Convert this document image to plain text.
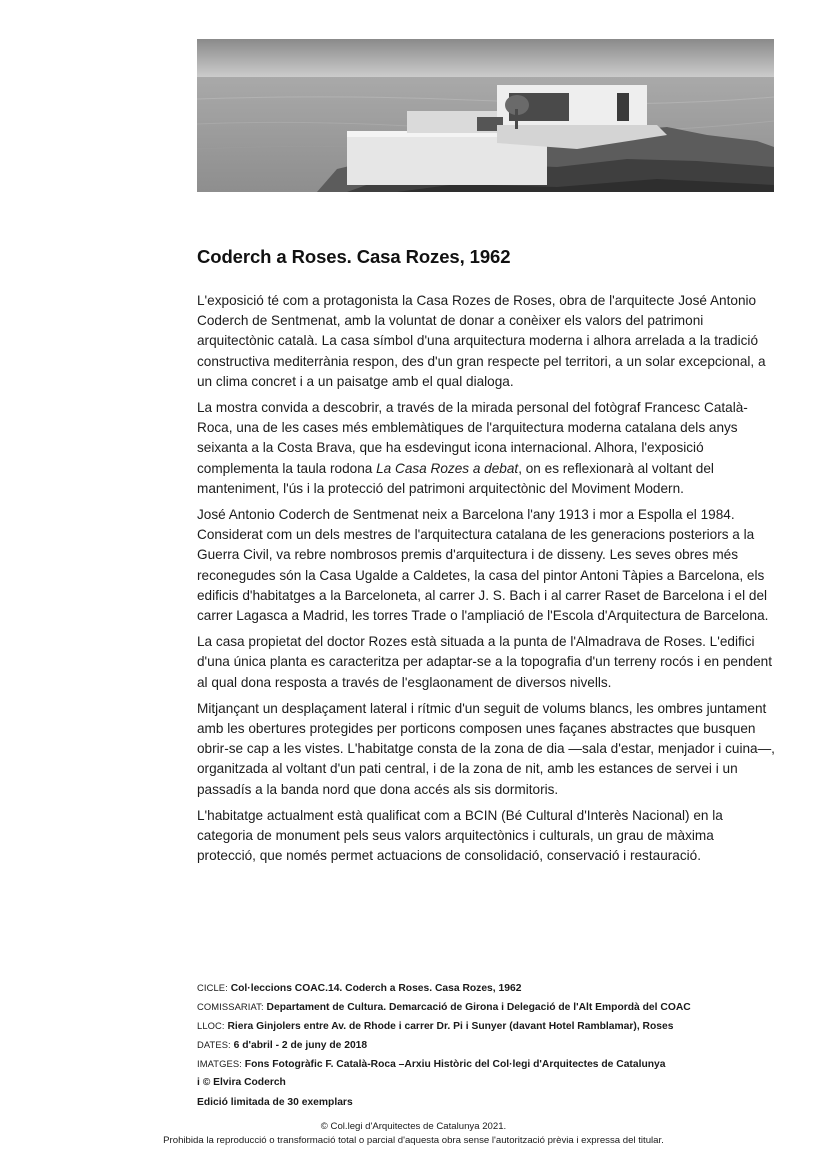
Coderch a Roses. Casa Rozes, 1962

L'exposició té com a protagonista la Casa Rozes de Roses, obra de l'arquitecte José Antonio Coderch de Sentmenat, amb la voluntat de donar a conèixer els valors del patrimoni arquitectònic català. La casa símbol d'una arquitectura moderna i alhora arrelada a la tradició constructiva mediterrània respon, des d'un gran respecte pel territori, a un solar excepcional, a un clima concret i a un paisatge amb el qual dialoga.

La mostra convida a descobrir, a través de la mirada personal del fotògraf Francesc Català-Roca, una de les cases més emblemàtiques de l'arquitectura moderna catalana dels anys seixanta a la Costa Brava, que ha esdevingut icona internacional. Alhora, l'exposició complementa la taula rodona La Casa Rozes a debat, on es reflexionarà al voltant del manteniment, l'ús i la protecció del patrimoni arquitectònic del Moviment Modern.

José Antonio Coderch de Sentmenat neix a Barcelona l'any 1913 i mor a Espolla el 1984. Considerat com un dels mestres de l'arquitectura catalana de les generacions posteriors a la Guerra Civil, va rebre nombrosos premis d'arquitectura i de disseny. Les seves obres més reconegudes són la Casa Ugalde a Caldetes, la casa del pintor Antoni Tàpies a Barcelona, els edificis d'habitatges a la Barceloneta, al carrer J. S. Bach i al carrer Raset de Barcelona i el del carrer Lagasca a Madrid, les torres Trade o l'ampliació de l'Escola d'Arquitectura de Barcelona.

La casa propietat del doctor Rozes està situada a la punta de l'Almadrava de Roses. L'edifici d'una única planta es caracteritza per adaptar-se a la topografia d'un terreny rocós i en pendent al qual dona resposta a través de l'esglaonament de diversos nivells.

Mitjançant un desplaçament lateral i rítmic d'un seguit de volums blancs, les ombres juntament amb les obertures protegides per porticons composen unes façanes abstractes que busquen obrir-se cap a les vistes. L'habitatge consta de la zona de dia —sala d'estar, menjador i cuina—, organitzada al voltant d'un pati central, i de la zona de nit, amb les estances de servei i un passadís a la banda nord que dona accés als sis dormitoris.

L'habitatge actualment està qualificat com a BCIN (Bé Cultural d'Interès Nacional) en la categoria de monument pels seus valors arquitectònics i culturals, un grau de màxima protecció, que només permet actuacions de consolidació, conservació i restauració.

CICLE: Col·leccions COAC.14. Coderch a Roses. Casa Rozes, 1962
COMISSARIAT: Departament de Cultura. Demarcació de Girona i Delegació de l'Alt Empordà del COAC
LLOC: Riera Ginjolers entre Av. de Rhode i carrer Dr. Pi i Sunyer (davant Hotel Ramblamar), Roses
DATES: 6 d'abril - 2 de juny de 2018
IMATGES: Fons Fotogràfic F. Català-Roca –Arxiu Històric del Col·legi d'Arquitectes de Catalunya
i © Elvira Coderch
Edició limitada de 30 exemplars
© Col.legi d'Arquitectes de Catalunya 2021.
Prohibida la reproducció o transformació total o parcial d'aquesta obra sense l'autorització prèvia i expressa del titular.
